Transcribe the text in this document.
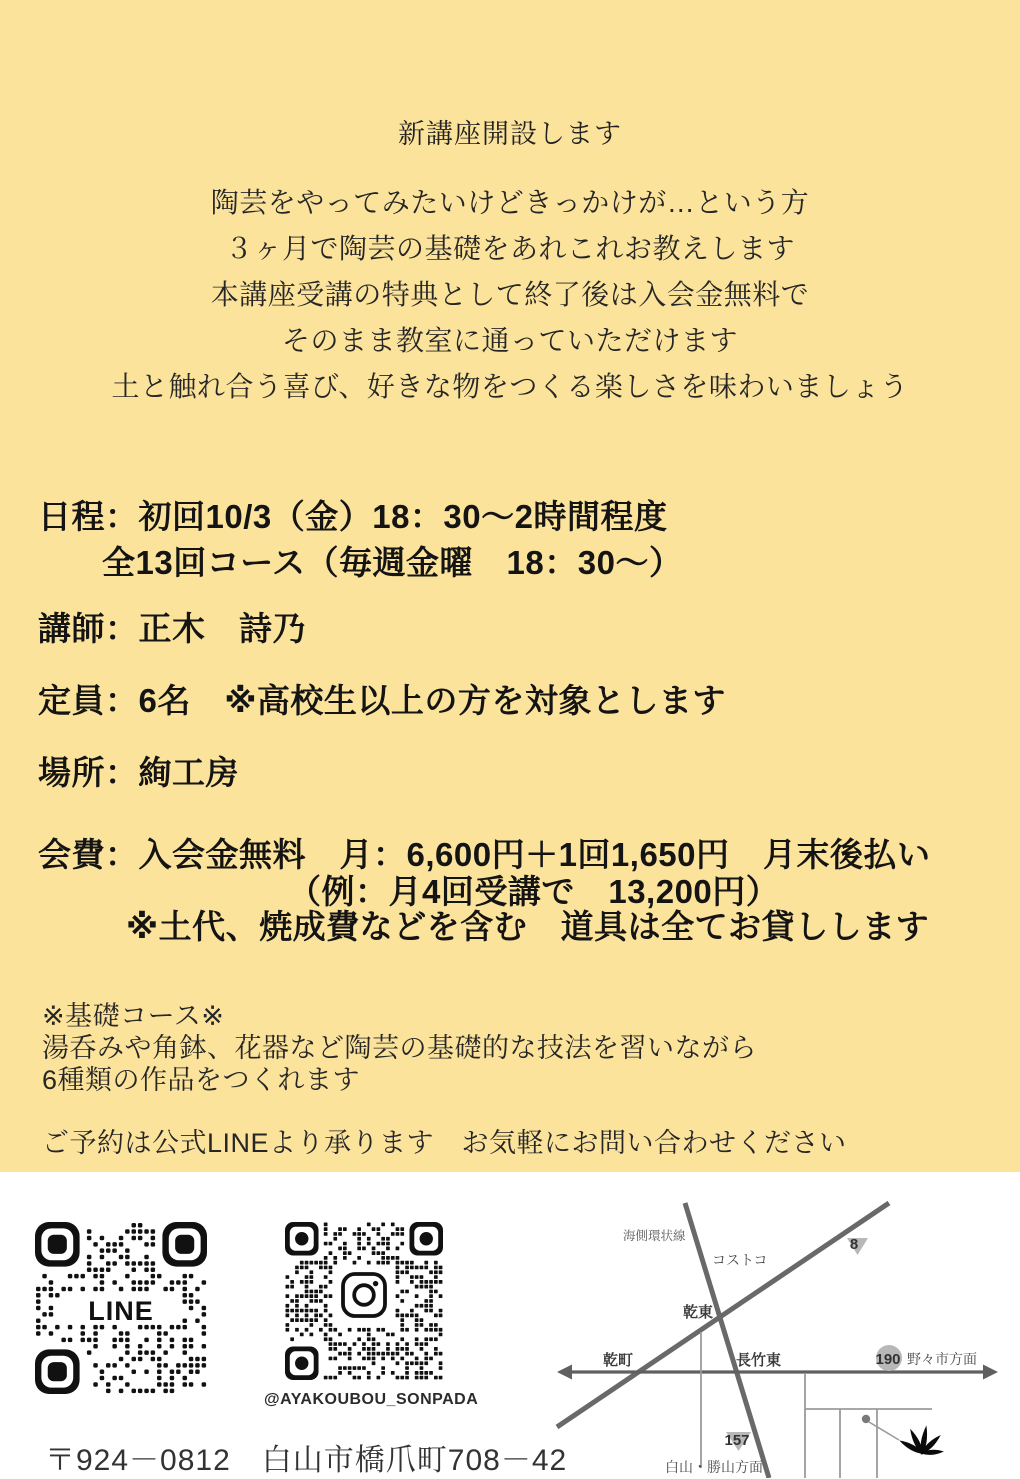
新講座開設します
陶芸をやってみたいけどきっかけが…という方
３ヶ月で陶芸の基礎をあれこれお教えします
本講座受講の特典として終了後は入会金無料で
そのまま教室に通っていただけます
土と触れ合う喜び、好きな物をつくる楽しさを味わいましょう
日程：初回10/3（金）18：30～2時間程度
全13回コース（毎週金曜　18：30～）
講師：正木　詩乃
定員：6名　※高校生以上の方を対象とします
場所：絢工房
会費：入会金無料　月：6,600円＋1回1,650円　月末後払い
（例：月4回受講で　13,200円）
※土代、焼成費などを含む　道具は全てお貸しします
※基礎コース※
湯呑みや角鉢、花器など陶芸の基礎的な技法を習いながら
6種類の作品をつくれます
ご予約は公式LINEより承ります　お気軽にお問い合わせください
LINE
@AYAKOUBOU_SONPADA
8
190
157
海側環状線
コストコ
乾東
乾町	長竹東	野々市方面
白山・勝山方面
〒924－0812　白山市橋爪町708－42
